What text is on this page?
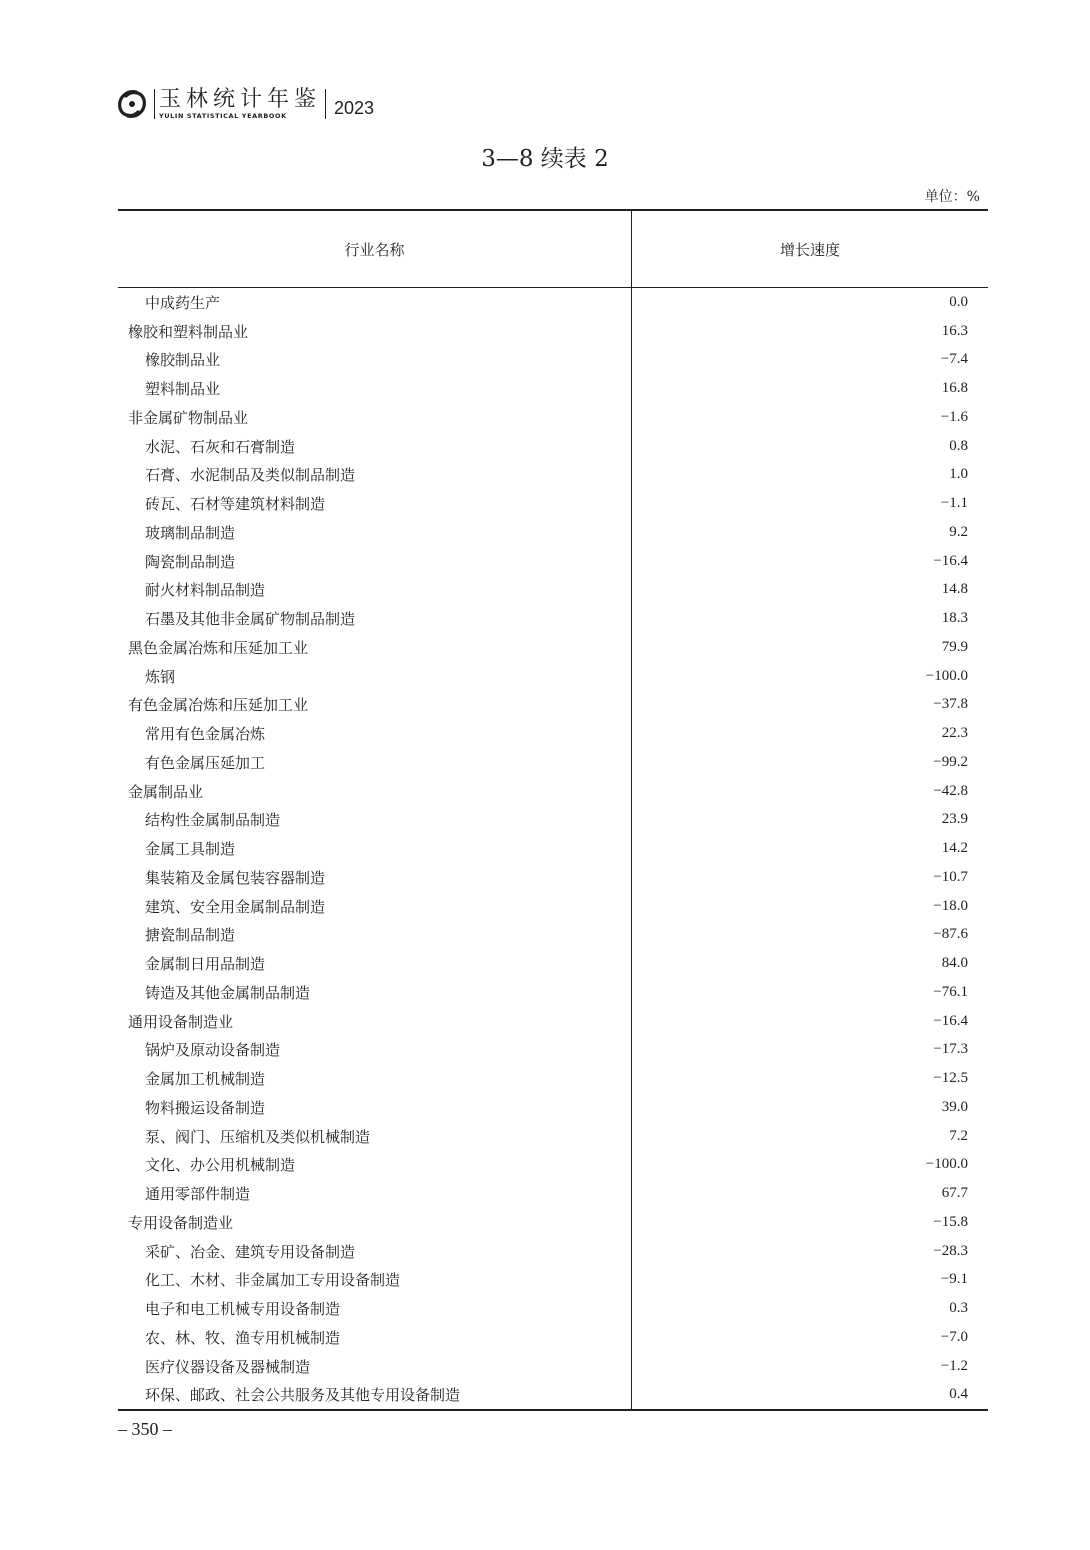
玉林统计年鉴
YULIN STATISTICAL YEARBOOK	2023
3—8 续表 2
单位：%
行业名称	增长速度
中成药生产	0.0
橡胶和塑料制品业	16.3
橡胶制品业	−7.4
塑料制品业	16.8
非金属矿物制品业	−1.6
水泥、石灰和石膏制造	0.8
石膏、水泥制品及类似制品制造	1.0
砖瓦、石材等建筑材料制造	−1.1
玻璃制品制造	9.2
陶瓷制品制造	−16.4
耐火材料制品制造	14.8
石墨及其他非金属矿物制品制造	18.3
黑色金属冶炼和压延加工业	79.9
炼钢	−100.0
有色金属冶炼和压延加工业	−37.8
常用有色金属冶炼	22.3
有色金属压延加工	−99.2
金属制品业	−42.8
结构性金属制品制造	23.9
金属工具制造	14.2
集装箱及金属包装容器制造	−10.7
建筑、安全用金属制品制造	−18.0
搪瓷制品制造	−87.6
金属制日用品制造	84.0
铸造及其他金属制品制造	−76.1
通用设备制造业	−16.4
锅炉及原动设备制造	−17.3
金属加工机械制造	−12.5
物料搬运设备制造	39.0
泵、阀门、压缩机及类似机械制造	7.2
文化、办公用机械制造	−100.0
通用零部件制造	67.7
专用设备制造业	−15.8
采矿、冶金、建筑专用设备制造	−28.3
化工、木材、非金属加工专用设备制造	−9.1
电子和电工机械专用设备制造	0.3
农、林、牧、渔专用机械制造	−7.0
医疗仪器设备及器械制造	−1.2
环保、邮政、社会公共服务及其他专用设备制造	0.4
– 350 –
